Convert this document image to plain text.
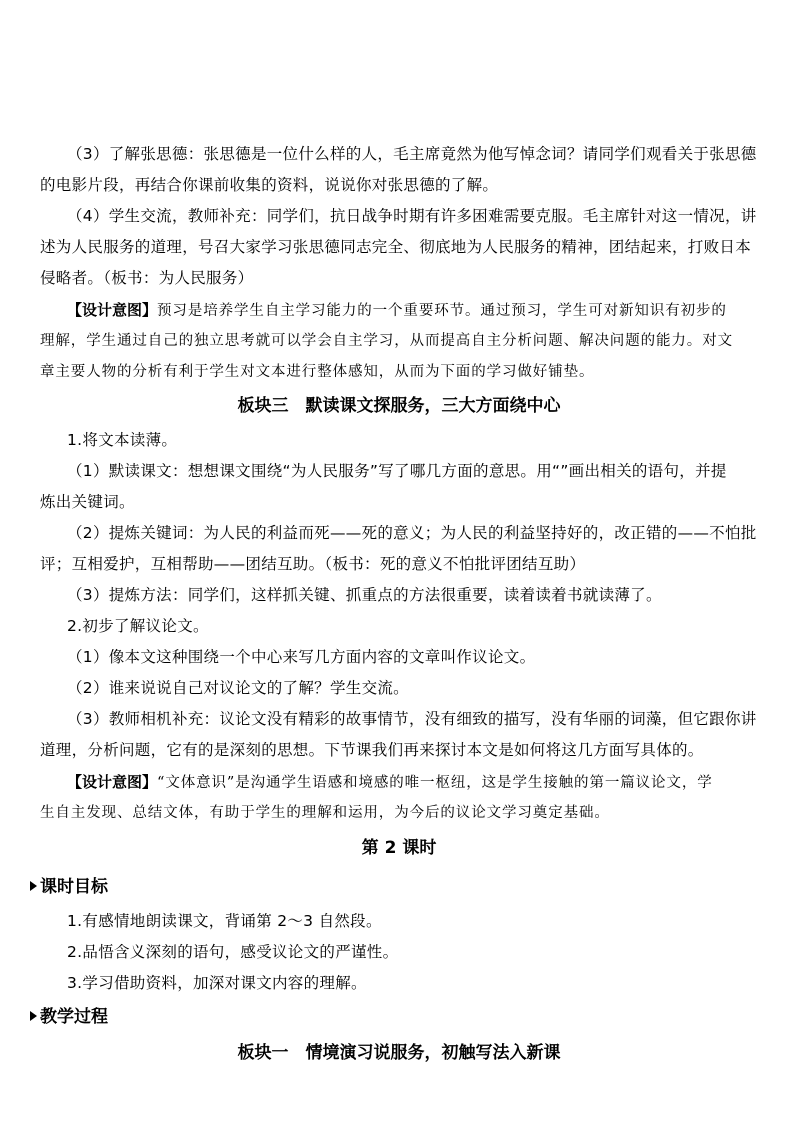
（3）了解张思德：张思德是一位什么样的人，毛主席竟然为他写悼念词？请同学们观看关于张思德
的电影片段，再结合你课前收集的资料，说说你对张思德的了解。
（4）学生交流，教师补充：同学们，抗日战争时期有许多困难需要克服。毛主席针对这一情况，讲
述为人民服务的道理，号召大家学习张思德同志完全、彻底地为人民服务的精神，团结起来，打败日本
侵略者。（板书：为人民服务）
【设计意图】预习是培养学生自主学习能力的一个重要环节。通过预习，学生可对新知识有初步的
理解，学生通过自己的独立思考就可以学会自主学习，从而提高自主分析问题、解决问题的能力。对文
章主要人物的分析有利于学生对文本进行整体感知，从而为下面的学习做好铺垫。
板块三　默读课文探服务，三大方面绕中心
1.将文本读薄。
（1）默读课文：想想课文围绕“为人民服务”写了哪几方面的意思。用“”画出相关的语句，并提
炼出关键词。
（2）提炼关键词：为人民的利益而死——死的意义；为人民的利益坚持好的，改正错的——不怕批
评；互相爱护，互相帮助——团结互助。（板书：死的意义不怕批评团结互助）
（3）提炼方法：同学们，这样抓关键、抓重点的方法很重要，读着读着书就读薄了。
2.初步了解议论文。
（1）像本文这种围绕一个中心来写几方面内容的文章叫作议论文。
（2）谁来说说自己对议论文的了解？学生交流。
（3）教师相机补充：议论文没有精彩的故事情节，没有细致的描写，没有华丽的词藻，但它跟你讲
道理，分析问题，它有的是深刻的思想。下节课我们再来探讨本文是如何将这几方面写具体的。
【设计意图】“文体意识”是沟通学生语感和境感的唯一枢纽，这是学生接触的第一篇议论文，学
生自主发现、总结文体，有助于学生的理解和运用，为今后的议论文学习奠定基础。
第 2 课时
课时目标
1.有感情地朗读课文，背诵第 2～3 自然段。
2.品悟含义深刻的语句，感受议论文的严谨性。
3.学习借助资料，加深对课文内容的理解。
教学过程
板块一　情境演习说服务，初触写法入新课
